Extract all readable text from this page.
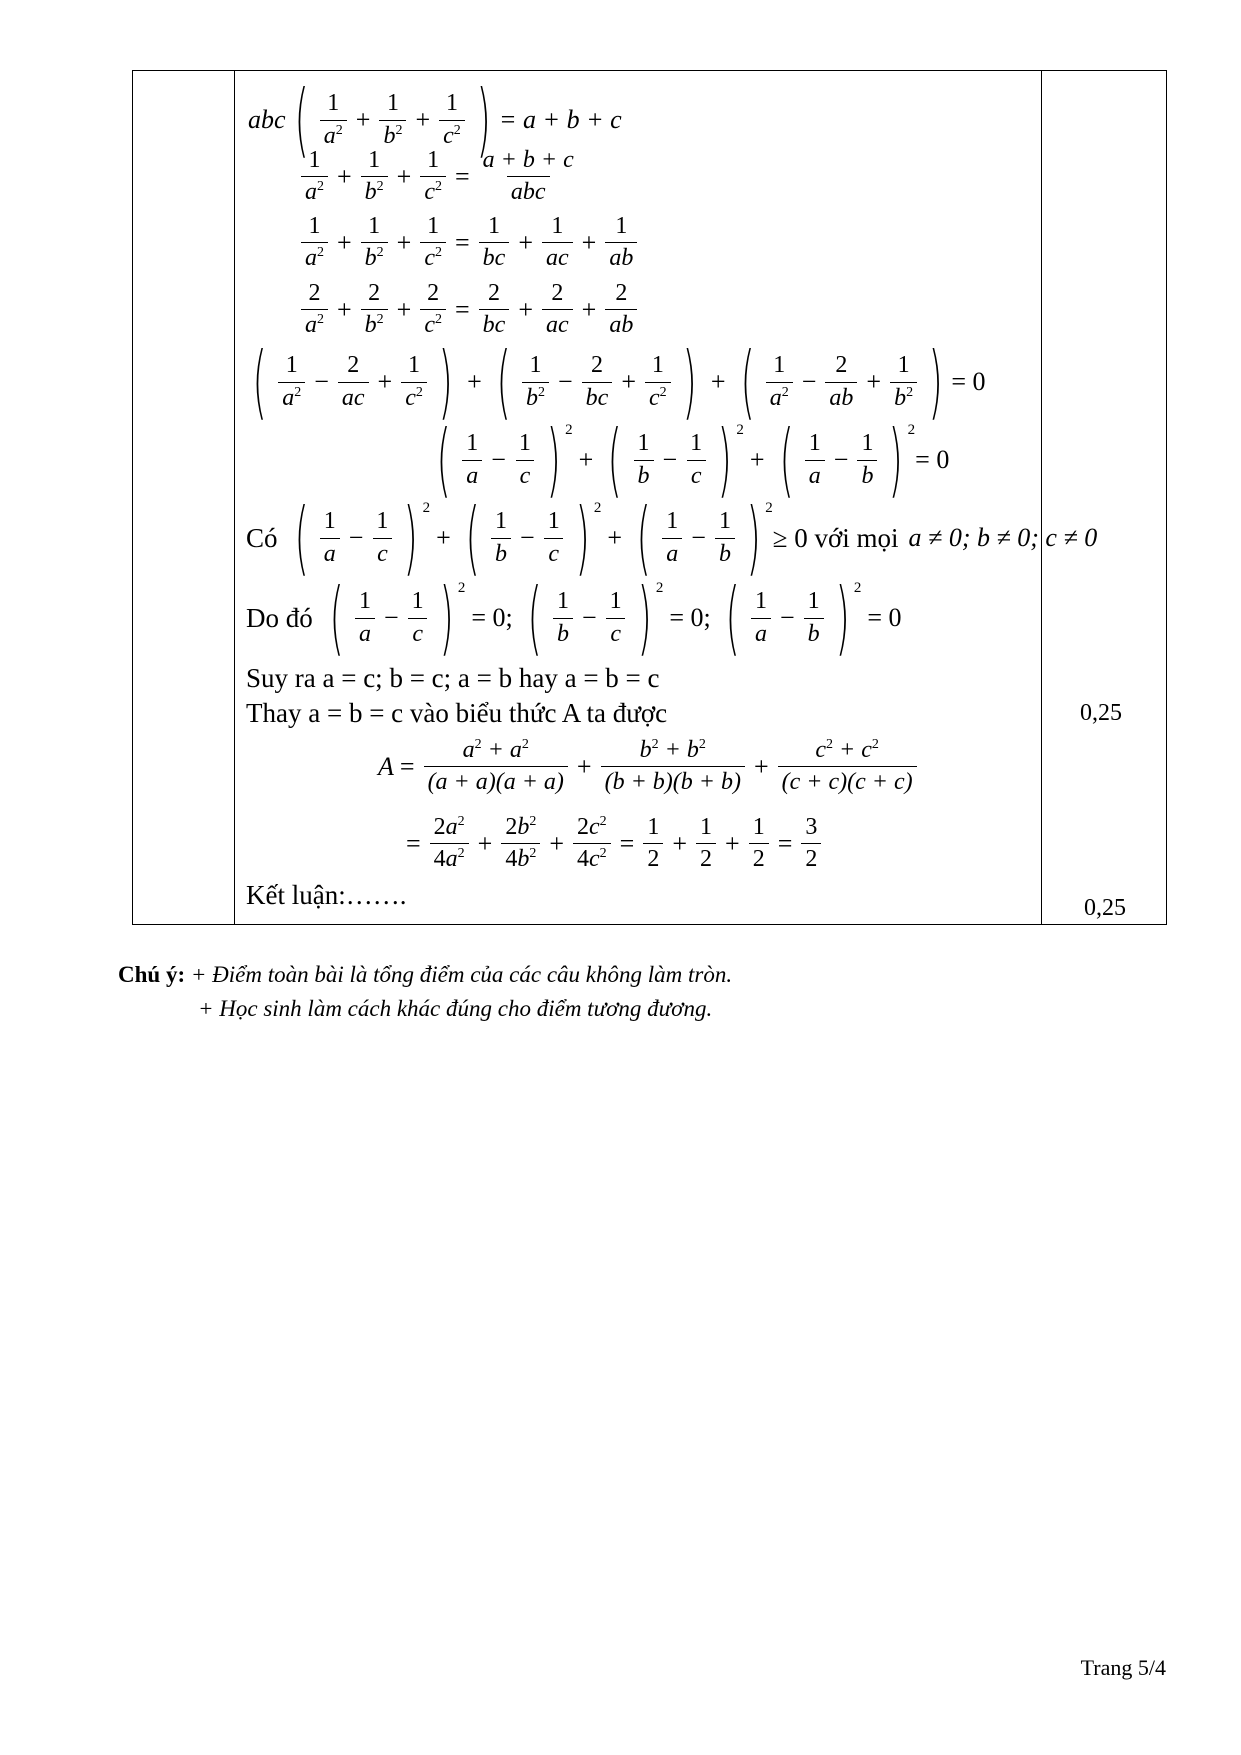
abc ( $\frac{1}{a^2} + \frac{1}{b^2} + \frac{1}{c^2}$ ) = a + b + c
$\frac{1}{a^2} + \frac{1}{b^2} + \frac{1}{c^2} = \frac{a + b + c}{\text{abc}}$
$\frac{1}{a^2} + \frac{1}{b^2} + \frac{1}{c^2} = \frac{1}{bc} + \frac{1}{ac} + \frac{1}{ab}$
$\frac{2}{a^2} + \frac{2}{b^2} + \frac{2}{c^2} = \frac{2}{bc} + \frac{2}{ac} + \frac{2}{ab}$
( $\frac{1}{a^2} - \frac{2}{ac} + \frac{1}{c^2}$ ) + ( $\frac{1}{b^2} - \frac{2}{bc} + \frac{1}{c^2}$ ) + ( $\frac{1}{a^2} - \frac{2}{ab} + \frac{1}{b^2}$ ) = 0
( $\frac{1}{a} - \frac{1}{c}$ ) 2
+ ( $\frac{1}{b} - \frac{1}{c}$ ) 2
+ ( $\frac{1}{a} - \frac{1}{b}$ ) 2
= 0
Có ( $\frac{1}{a} - \frac{1}{c}$ ) 2
+ ( $\frac{1}{b} - \frac{1}{c}$ ) 2
+ ( $\frac{1}{a} - \frac{1}{b}$ ) 2
≥ 0 với mọi a ≠ 0; b ≠ 0; c ≠ 0
Do đó ( $\frac{1}{a} - \frac{1}{c}$ ) 2
= 0; ( $\frac{1}{b} - \frac{1}{c}$ ) 2
= 0; ( $\frac{1}{a} - \frac{1}{b}$ ) 2
= 0
Suy ra a = c; b = c; a = b hay a = b = c
Thay a = b = c vào biểu thức A ta được
$A = \frac{a^2 + a^2}{(a + a)(a + a)} + \frac{b^2 + b^2}{(b + b)(b + b)} + \frac{c^2 + c^2}{(c + c)(c + c)}$
= $\frac{2a^2}{4a^2} + \frac{2b^2}{4b^2} + \frac{2c^2}{4c^2} = \frac{1}{2} + \frac{1}{2} + \frac{1}{2} = \frac{3}{2}$
Kết luận:…….
0,25
0,25
Chú ý: + Điểm toàn bài là tổng điểm của các câu không làm tròn.
+ Học sinh làm cách khác đúng cho điểm tương đương.
Trang 5/4
